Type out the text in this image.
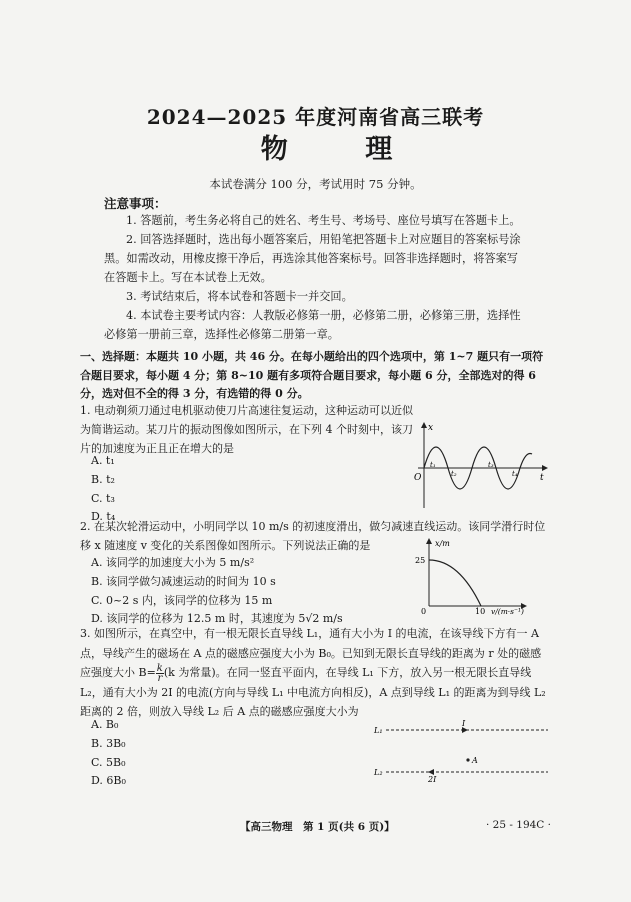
2024—2025 年度河南省高三联考
物 理
本试卷满分 100 分，考试用时 75 分钟。
注意事项：

1. 答题前，考生务必将自己的姓名、考生号、考场号、座位号填写在答题卡上。

2. 回答选择题时，选出每小题答案后，用铅笔把答题卡上对应题目的答案标号涂黑。如需改动，用橡皮擦干净后，再选涂其他答案标号。回答非选择题时，将答案写在答题卡上。写在本试卷上无效。

3. 考试结束后，将本试卷和答题卡一并交回。

4. 本试卷主要考试内容：人教版必修第一册，必修第二册，必修第三册，选择性必修第一册前三章，选择性必修第二册第一章。

一、选择题：本题共 10 小题，共 46 分。在每小题给出的四个选项中，第 1~7 题只有一项符合题目要求，每小题 4 分；第 8~10 题有多项符合题目要求，每小题 6 分，全部选对的得 6 分，选对但不全的得 3 分，有选错的得 0 分。
1. 电动剃须刀通过电机驱动使刀片高速往复运动，这种运动可以近似为简谐运动。某刀片的振动图像如图所示，在下列 4 个时刻中，该刀片的加速度为正且正在增大的是
A. t₁
B. t₂
C. t₃
D. t₄
x
t
O
t₁
t₂
t₃
t₄
2. 在某次轮滑运动中，小明同学以 10 m/s 的初速度滑出，做匀减速直线运动。该同学滑行时位移 x 随速度 v 变化的关系图像如图所示。下列说法正确的是
A. 该同学的加速度大小为 5 m/s²
B. 该同学做匀减速运动的时间为 10 s
C. 0~2 s 内，该同学的位移为 15 m
D. 该同学的位移为 12.5 m 时，其速度为 5√2 m/s
x/m
v/(m·s⁻¹)
0
25
10
3. 如图所示，在真空中，有一根无限长直导线 L₁，通有大小为 I 的电流，在该导线下方有一 A 点，导线产生的磁场在 A 点的磁感应强度大小为 B₀。已知到无限长直导线的距离为 r 处的磁感应强度大小 $B= \frac{k}{r} (k$ 为常量)。在同一竖直平面内，在导线 L₁ 下方，放入另一根无限长直导线 L₂，通有大小为 2I 的电流(方向与导线 L₁ 中电流方向相反)，A 点到导线 L₁ 的距离为到导线 L₂ 距离的 2 倍，则放入导线 L₂ 后 A 点的磁感应强度大小为
A. B₀
B. 3B₀
C. 5B₀
D. 6B₀
L₁
I
L₂
2I
A
【高三物理　第 1 页(共 6 页)】	· 25 - 194C ·
